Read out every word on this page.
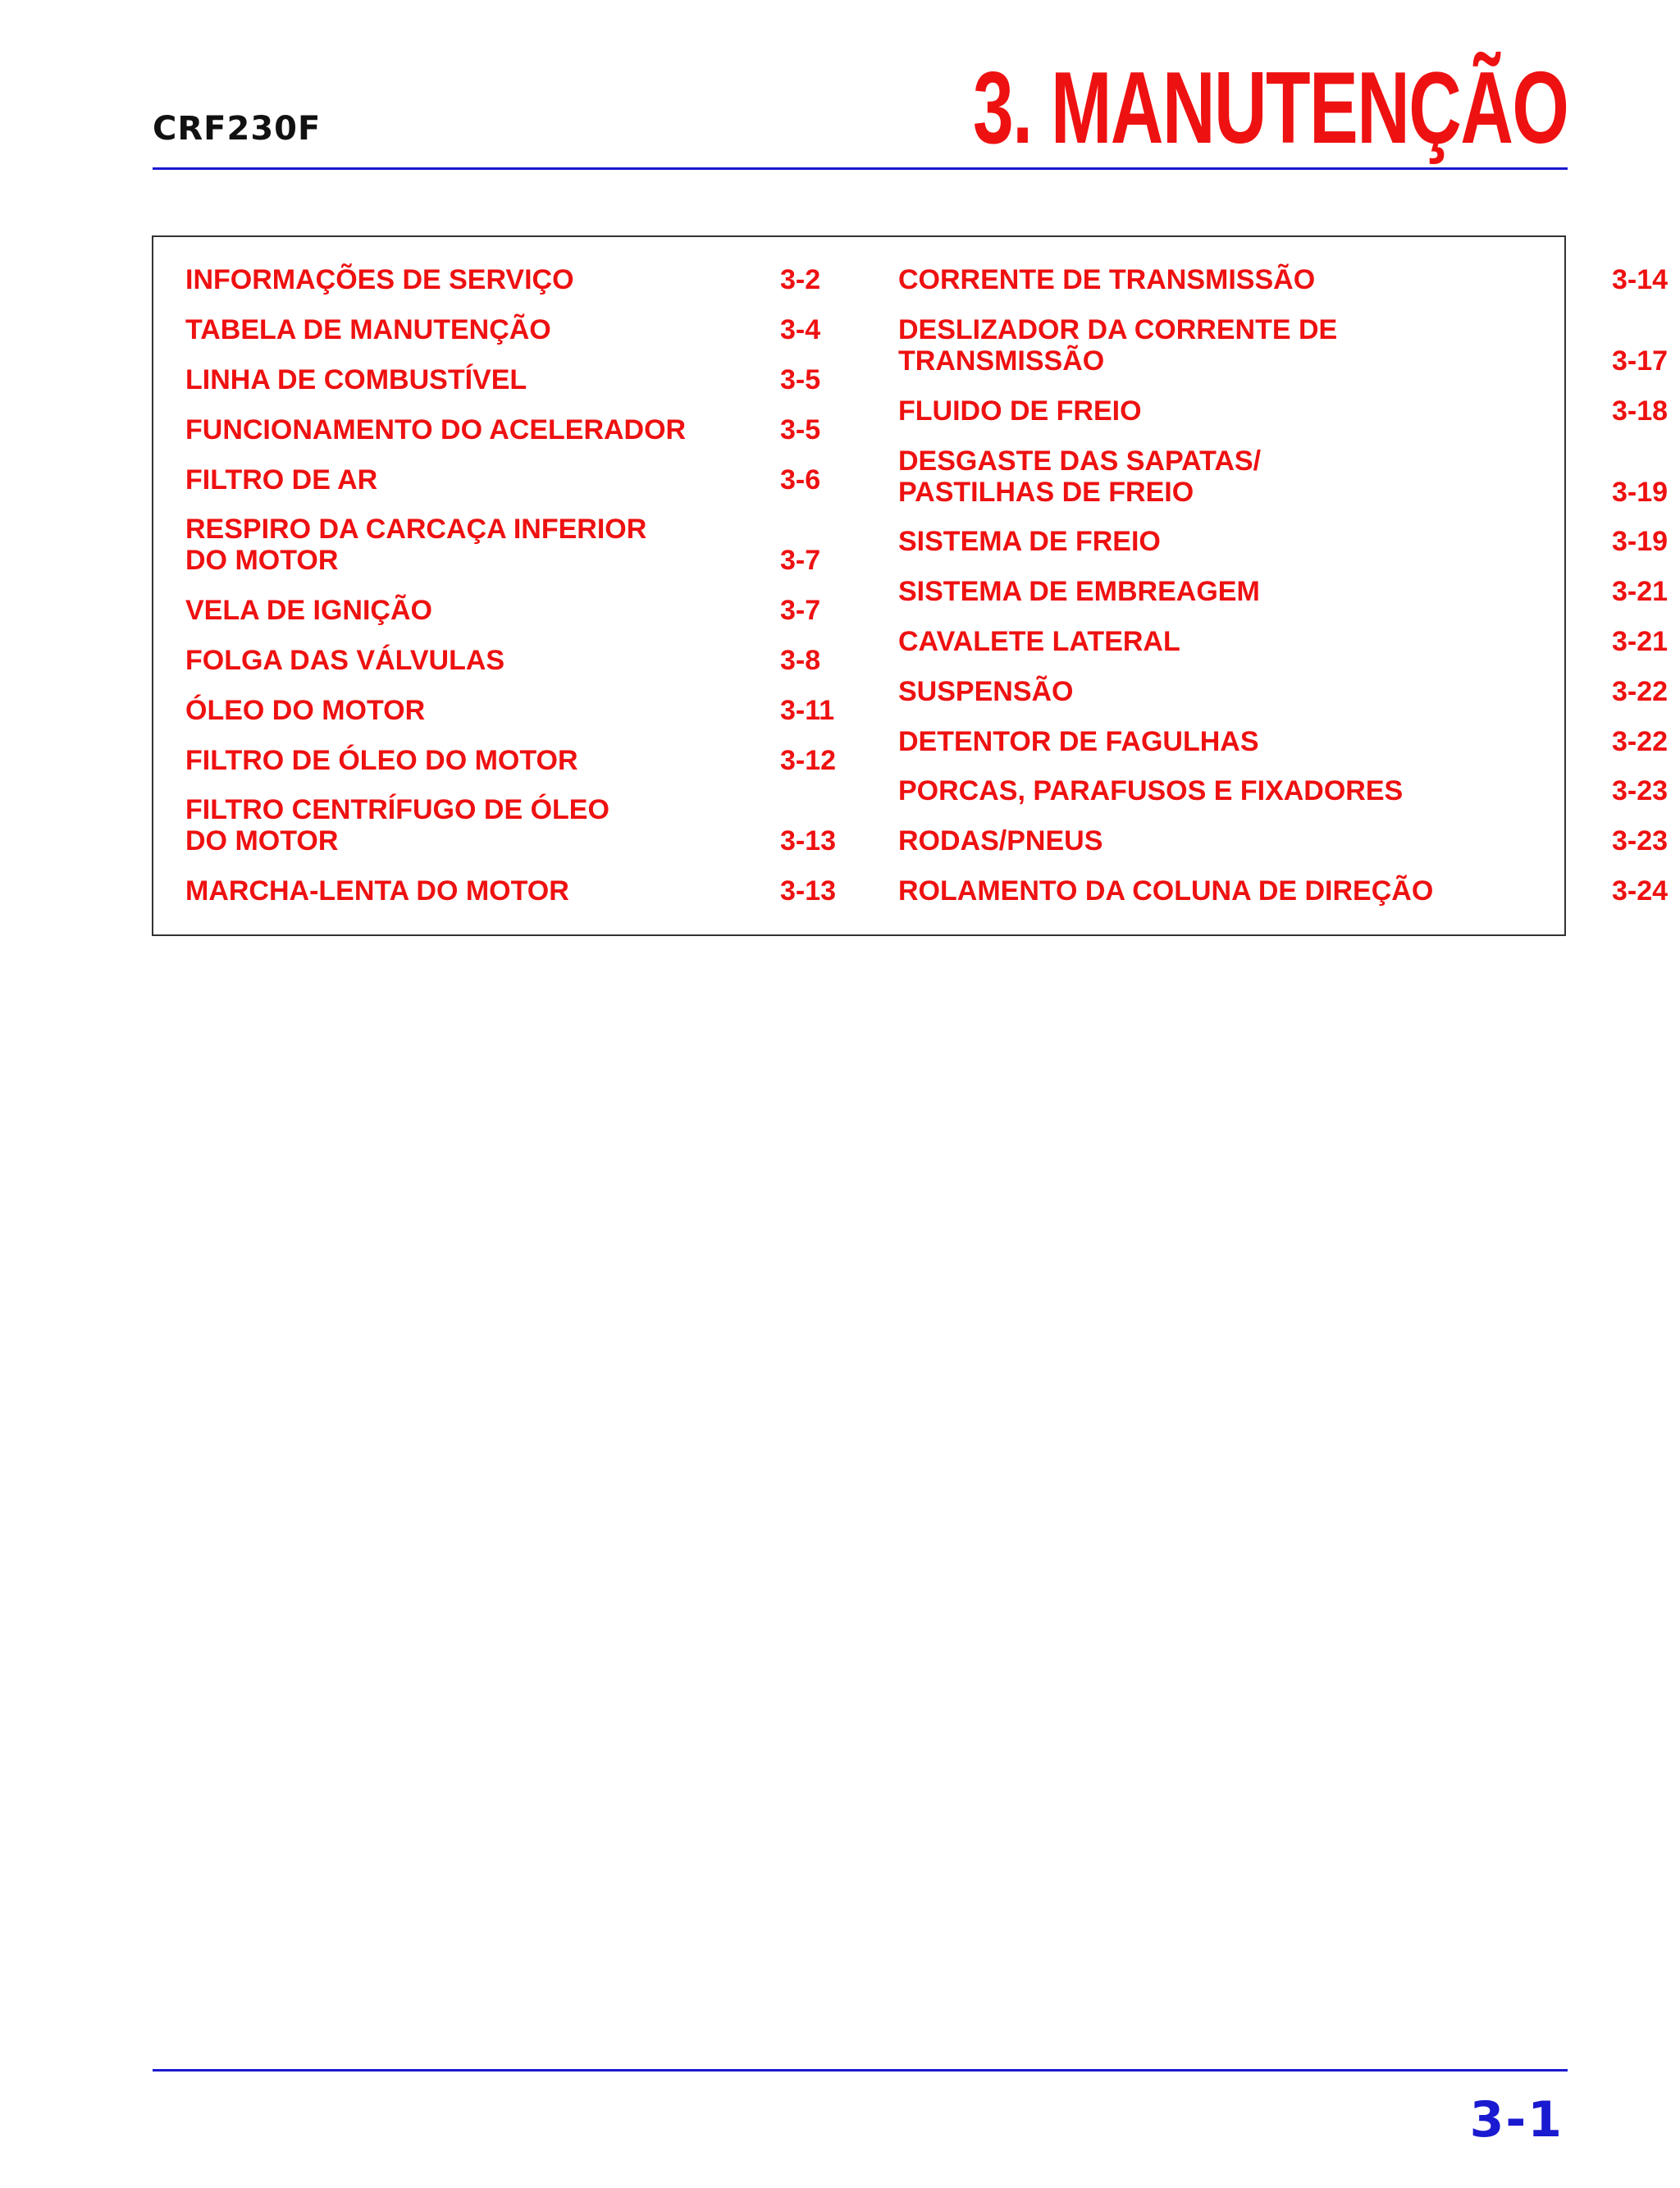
CRF230F	3. MANUTENÇÃO
INFORMAÇÕES DE SERVIÇO	3-2
TABELA DE MANUTENÇÃO	3-4
LINHA DE COMBUSTÍVEL	3-5
FUNCIONAMENTO DO ACELERADOR	3-5
FILTRO DE AR	3-6
RESPIRO DA CARCAÇA INFERIOR
DO MOTOR	3-7
VELA DE IGNIÇÃO	3-7
FOLGA DAS VÁLVULAS	3-8
ÓLEO DO MOTOR	3-11
FILTRO DE ÓLEO DO MOTOR	3-12
FILTRO CENTRÍFUGO DE ÓLEO
DO MOTOR	3-13
MARCHA-LENTA DO MOTOR	3-13
CORRENTE DE TRANSMISSÃO	3-14
DESLIZADOR DA CORRENTE DE
TRANSMISSÃO	3-17
FLUIDO DE FREIO	3-18
DESGASTE DAS SAPATAS/
PASTILHAS DE FREIO	3-19
SISTEMA DE FREIO	3-19
SISTEMA DE EMBREAGEM	3-21
CAVALETE LATERAL	3-21
SUSPENSÃO	3-22
DETENTOR DE FAGULHAS	3-22
PORCAS, PARAFUSOS E FIXADORES	3-23
RODAS/PNEUS	3-23
ROLAMENTO DA COLUNA DE DIREÇÃO	3-24
3-1
